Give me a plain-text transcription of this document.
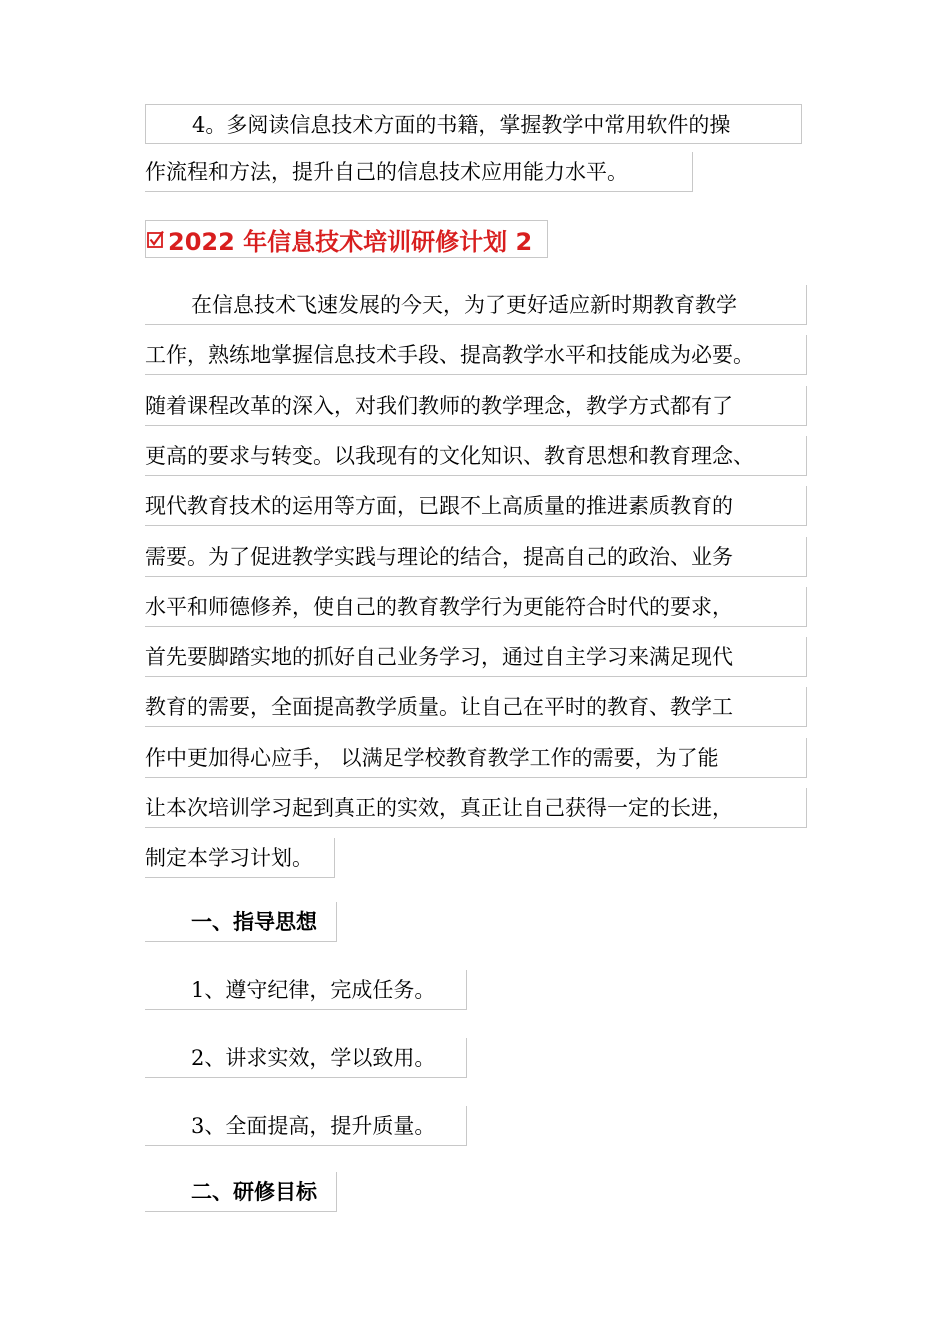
4。多阅读信息技术方面的书籍，掌握教学中常用软件的操
作流程和方法，提升自己的信息技术应用能力水平。
2022 年信息技术培训研修计划 2
在信息技术飞速发展的今天，为了更好适应新时期教育教学
工作，熟练地掌握信息技术手段、提高教学水平和技能成为必要。
随着课程改革的深入，对我们教师的教学理念，教学方式都有了
更高的要求与转变。以我现有的文化知识、教育思想和教育理念、
现代教育技术的运用等方面，已跟不上高质量的推进素质教育的
需要。为了促进教学实践与理论的结合，提高自己的政治、业务
水平和师德修养，使自己的教育教学行为更能符合时代的要求，
首先要脚踏实地的抓好自己业务学习，通过自主学习来满足现代
教育的需要，全面提高教学质量。让自己在平时的教育、教学工
作中更加得心应手， 以满足学校教育教学工作的需要，为了能
让本次培训学习起到真正的实效，真正让自己获得一定的长进，
制定本学习计划。
一、指导思想
1、遵守纪律，完成任务。
2、讲求实效，学以致用。
3、全面提高，提升质量。
二、研修目标
